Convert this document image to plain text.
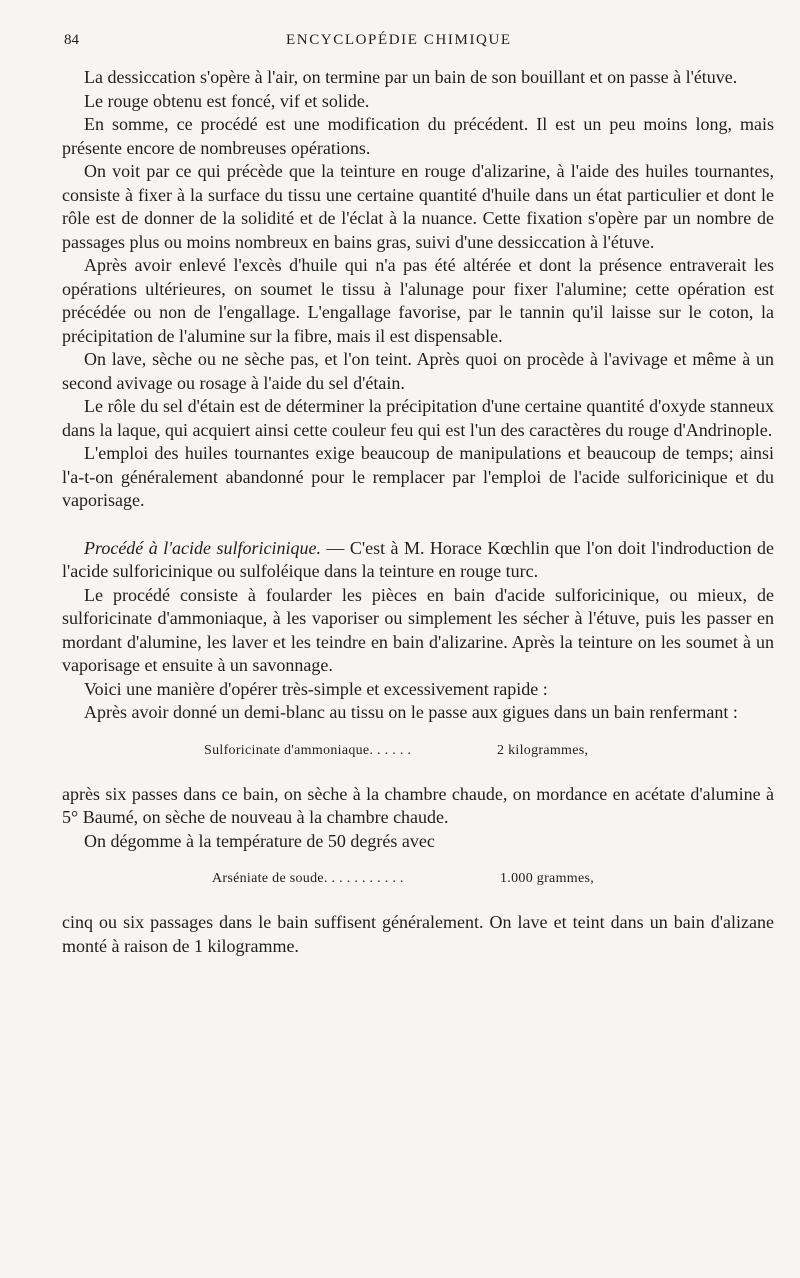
84	ENCYCLOPÉDIE CHIMIQUE

La dessiccation s'opère à l'air, on termine par un bain de son bouillant et on passe à l'étuve.

Le rouge obtenu est foncé, vif et solide.

En somme, ce procédé est une modification du précédent. Il est un peu moins long, mais présente encore de nombreuses opérations.

On voit par ce qui précède que la teinture en rouge d'alizarine, à l'aide des huiles tournantes, consiste à fixer à la surface du tissu une certaine quantité d'huile dans un état particulier et dont le rôle est de donner de la solidité et de l'éclat à la nuance. Cette fixation s'opère par un nombre de passages plus ou moins nombreux en bains gras, suivi d'une dessiccation à l'étuve.

Après avoir enlevé l'excès d'huile qui n'a pas été altérée et dont la présence entraverait les opérations ultérieures, on soumet le tissu à l'alunage pour fixer l'alumine; cette opération est précédée ou non de l'engallage. L'engallage favorise, par le tannin qu'il laisse sur le coton, la précipitation de l'alumine sur la fibre, mais il est dispensable.

On lave, sèche ou ne sèche pas, et l'on teint. Après quoi on procède à l'avivage et même à un second avivage ou rosage à l'aide du sel d'étain.

Le rôle du sel d'étain est de déterminer la précipitation d'une certaine quantité d'oxyde stanneux dans la laque, qui acquiert ainsi cette couleur feu qui est l'un des caractères du rouge d'Andrinople.

L'emploi des huiles tournantes exige beaucoup de manipulations et beaucoup de temps; ainsi l'a-t-on généralement abandonné pour le remplacer par l'emploi de l'acide sulforicinique et du vaporisage.

Procédé à l'acide sulforicinique. — C'est à M. Horace Kœchlin que l'on doit l'indroduction de l'acide sulforicinique ou sulfoléique dans la teinture en rouge turc.

Le procédé consiste à foularder les pièces en bain d'acide sulforicinique, ou mieux, de sulforicinate d'ammoniaque, à les vaporiser ou simplement les sécher à l'étuve, puis les passer en mordant d'alumine, les laver et les teindre en bain d'alizarine. Après la teinture on les soumet à un vaporisage et ensuite à un savonnage.

Voici une manière d'opérer très-simple et excessivement rapide :

Après avoir donné un demi-blanc au tissu on le passe aux gigues dans un bain renfermant :

Sulforicinate d'ammoniaque. . . . . .	2 kilogrammes,

après six passes dans ce bain, on sèche à la chambre chaude, on mordance en acétate d'alumine à 5° Baumé, on sèche de nouveau à la chambre chaude.

On dégomme à la température de 50 degrés avec

Arséniate de soude. . . . . . . . . . .	1.000 grammes,

cinq ou six passages dans le bain suffisent généralement. On lave et teint dans un bain d'alizane monté à raison de 1 kilogramme.
